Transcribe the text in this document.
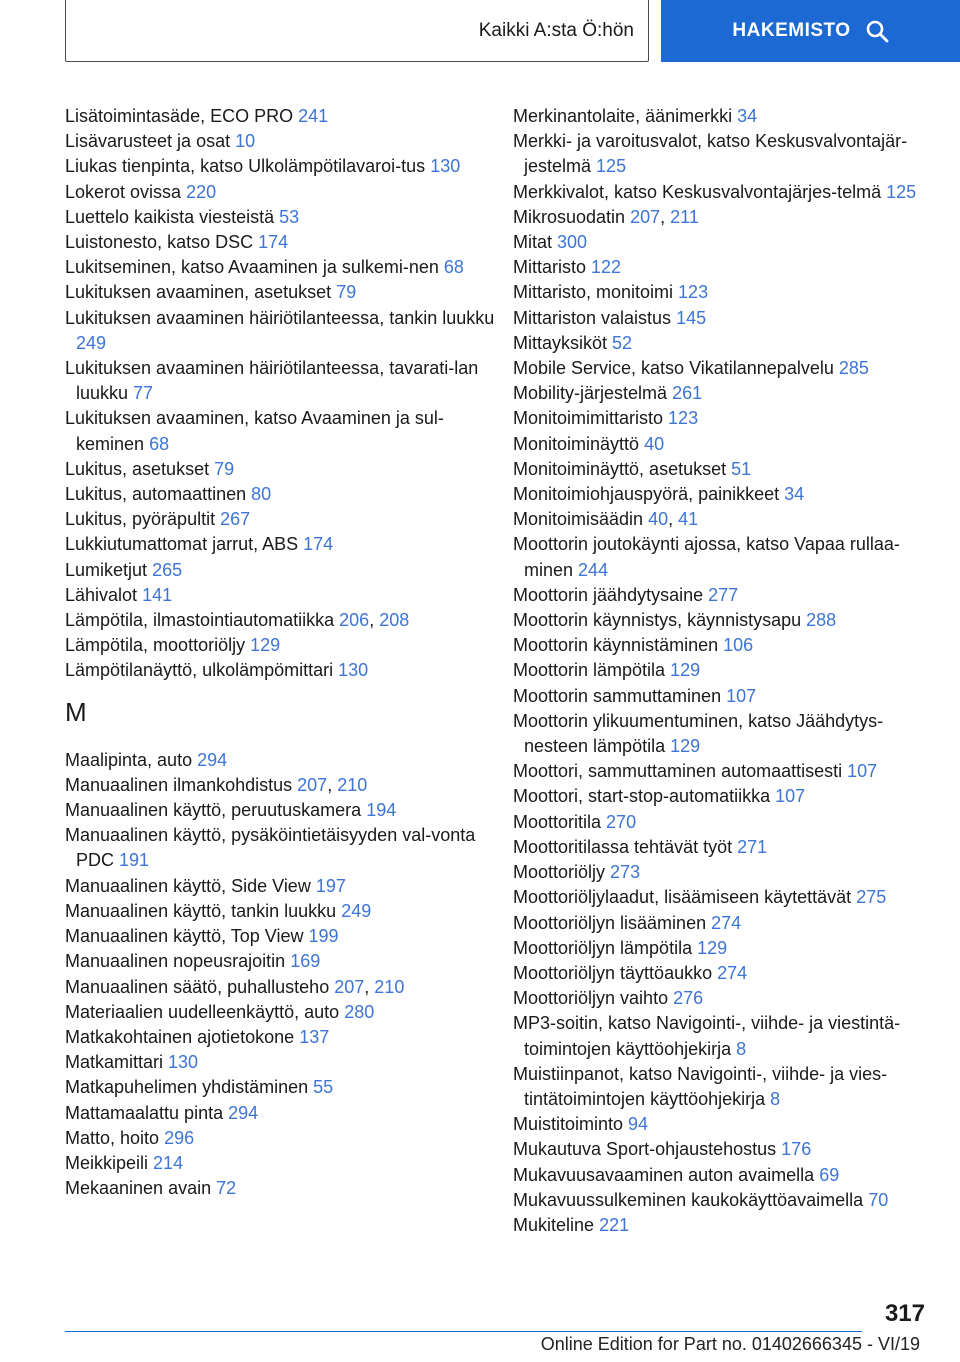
Kaikki A:sta Ö:hön	HAKEMISTO
Lisätoimintasäde, ECO PRO 241
Lisävarusteet ja osat 10
Liukas tienpinta, katso Ulkolämpötilavaroi-tus 130
Lokerot ovissa 220
Luettelo kaikista viesteistä 53
Luistonesto, katso DSC 174
Lukitseminen, katso Avaaminen ja sulkemi-nen 68
Lukituksen avaaminen, asetukset 79
Lukituksen avaaminen häiriötilanteessa, tankin luukku 249
Lukituksen avaaminen häiriötilanteessa, tavarati-lan luukku 77
Lukituksen avaaminen, katso Avaaminen ja sul-keminen 68
Lukitus, asetukset 79
Lukitus, automaattinen 80
Lukitus, pyöräpultit 267
Lukkiutumattomat jarrut, ABS 174
Lumiketjut 265
Lähivalot 141
Lämpötila, ilmastointiautomatiikka 206, 208
Lämpötila, moottoriöljy 129
Lämpötilanäyttö, ulkolämpömittari 130
M
Maalipinta, auto 294
Manuaalinen ilmankohdistus 207, 210
Manuaalinen käyttö, peruutuskamera 194
Manuaalinen käyttö, pysäköintietäisyyden val-vonta PDC 191
Manuaalinen käyttö, Side View 197
Manuaalinen käyttö, tankin luukku 249
Manuaalinen käyttö, Top View 199
Manuaalinen nopeusrajoitin 169
Manuaalinen säätö, puhallusteho 207, 210
Materiaalien uudelleenkäyttö, auto 280
Matkakohtainen ajotietokone 137
Matkamittari 130
Matkapuhelimen yhdistäminen 55
Mattamaalattu pinta 294
Matto, hoito 296
Meikkipeili 214
Mekaaninen avain 72
Merkinantolaite, äänimerkki 34
Merkki- ja varoitusvalot, katso Keskusvalvontajär-jestelmä 125
Merkkivalot, katso Keskusvalvontajärjes-telmä 125
Mikrosuodatin 207, 211
Mitat 300
Mittaristo 122
Mittaristo, monitoimi 123
Mittariston valaistus 145
Mittayksiköt 52
Mobile Service, katso Vikatilannepalvelu 285
Mobility-järjestelmä 261
Monitoimimittaristo 123
Monitoiminäyttö 40
Monitoiminäyttö, asetukset 51
Monitoimiohjauspyörä, painikkeet 34
Monitoimisäädin 40, 41
Moottorin joutokäynti ajossa, katso Vapaa rullaa-minen 244
Moottorin jäähdytysaine 277
Moottorin käynnistys, käynnistysapu 288
Moottorin käynnistäminen 106
Moottorin lämpötila 129
Moottorin sammuttaminen 107
Moottorin ylikuumentuminen, katso Jäähdytys-nesteen lämpötila 129
Moottori, sammuttaminen automaattisesti 107
Moottori, start-stop-automatiikka 107
Moottoritila 270
Moottoritilassa tehtävät työt 271
Moottoriöljy 273
Moottoriöljylaadut, lisäämiseen käytettävät 275
Moottoriöljyn lisääminen 274
Moottoriöljyn lämpötila 129
Moottoriöljyn täyttöaukko 274
Moottoriöljyn vaihto 276
MP3-soitin, katso Navigointi-, viihde- ja viestintä-toimintojen käyttöohjekirja 8
Muistiinpanot, katso Navigointi-, viihde- ja vies-tintätoimintojen käyttöohjekirja 8
Muistitoiminto 94
Mukautuva Sport-ohjaustehostus 176
Mukavuusavaaminen auton avaimella 69
Mukavuussulkeminen kaukokäyttöavaimella 70
Mukiteline 221
317
Online Edition for Part no. 01402666345 - VI/19
